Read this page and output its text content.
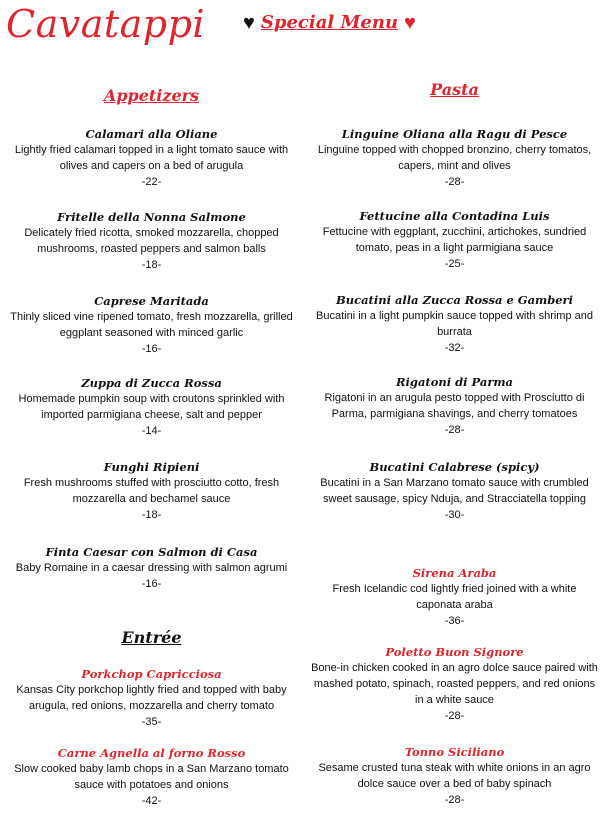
Cavatappi ♥ Special Menu ♥
Appetizers
Calamari alla Oliane
Lightly fried calamari topped in a light tomato sauce with olives and capers on a bed of arugula
-22-
Fritelle della Nonna Salmone
Delicately fried ricotta, smoked mozzarella, chopped mushrooms, roasted peppers and salmon balls
-18-
Caprese Maritada
Thinly sliced vine ripened tomato, fresh mozzarella, grilled eggplant seasoned with minced garlic
-16-
Zuppa di Zucca Rossa
Homemade pumpkin soup with croutons sprinkled with imported parmigiana cheese, salt and pepper
-14-
Funghi Ripieni
Fresh mushrooms stuffed with prosciutto cotto, fresh mozzarella and bechamel sauce
-18-
Finta Caesar con Salmon di Casa
Baby Romaine in a caesar dressing with salmon agrumi
-16-
Entrée
Porkchop Capricciosa
Kansas City porkchop lightly fried and topped with baby arugula, red onions, mozzarella and cherry tomato
-35-
Carne Agnella al forno Rosso
Slow cooked baby lamb chops in a San Marzano tomato sauce with potatoes and onions
-42-
Pasta
Linguine Oliana alla Ragu di Pesce
Linguine topped with chopped bronzino, cherry tomatos, capers, mint and olives
-28-
Fettucine alla Contadina Luis
Fettucine with eggplant, zucchini, artichokes, sundried tomato, peas in a light parmigiana sauce
-25-
Bucatini alla Zucca Rossa e Gamberi
Bucatini in a light pumpkin sauce topped with shrimp and burrata
-32-
Rigatoni di Parma
Rigatoni in an arugula pesto topped with Prosciutto di Parma, parmigiana shavings, and cherry tomatoes
-28-
Bucatini Calabrese (spicy)
Bucatini in a San Marzano tomato sauce with crumbled sweet sausage, spicy Nduja, and Stracciatella topping
-30-
Sirena Araba
Fresh Icelandic cod lightly fried joined with a white caponata araba
-36-
Poletto Buon Signore
Bone-in chicken cooked in an agro dolce sauce paired with mashed potato, spinach, roasted peppers, and red onions in a white sauce
-28-
Tonno Siciliano
Sesame crusted tuna steak with white onions in an agro dolce sauce over a bed of baby spinach
-28-
